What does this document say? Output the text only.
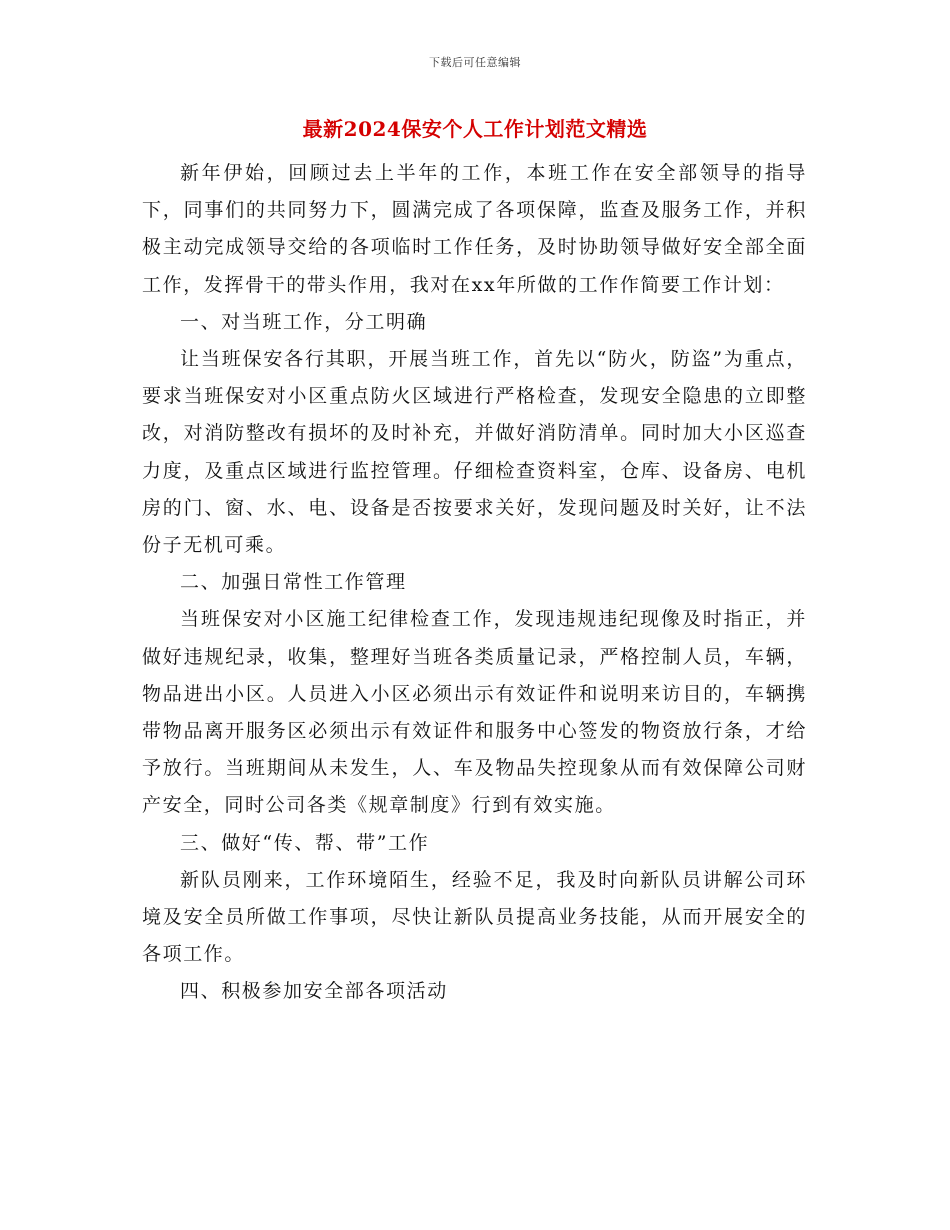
下载后可任意编辑
最新2024保安个人工作计划范文精选

新年伊始，回顾过去上半年的工作，本班工作在安全部领导的指导下，同事们的共同努力下，圆满完成了各项保障，监查及服务工作，并积极主动完成领导交给的各项临时工作任务，及时协助领导做好安全部全面工作，发挥骨干的带头作用，我对在xx年所做的工作作简要工作计划：

一、对当班工作，分工明确

让当班保安各行其职，开展当班工作，首先以“防火，防盗”为重点，要求当班保安对小区重点防火区域进行严格检查，发现安全隐患的立即整改，对消防整改有损坏的及时补充，并做好消防清单。同时加大小区巡查力度，及重点区域进行监控管理。仔细检查资料室，仓库、设备房、电机房的门、窗、水、电、设备是否按要求关好，发现问题及时关好，让不法份子无机可乘。

二、加强日常性工作管理

当班保安对小区施工纪律检查工作，发现违规违纪现像及时指正，并做好违规纪录，收集，整理好当班各类质量记录，严格控制人员，车辆，物品进出小区。人员进入小区必须出示有效证件和说明来访目的，车辆携带物品离开服务区必须出示有效证件和服务中心签发的物资放行条，才给予放行。当班期间从未发生，人、车及物品失控现象从而有效保障公司财产安全，同时公司各类《规章制度》行到有效实施。

三、做好“传、帮、带”工作

新队员刚来，工作环境陌生，经验不足，我及时向新队员讲解公司环境及安全员所做工作事项，尽快让新队员提高业务技能，从而开展安全的各项工作。

四、积极参加安全部各项活动
